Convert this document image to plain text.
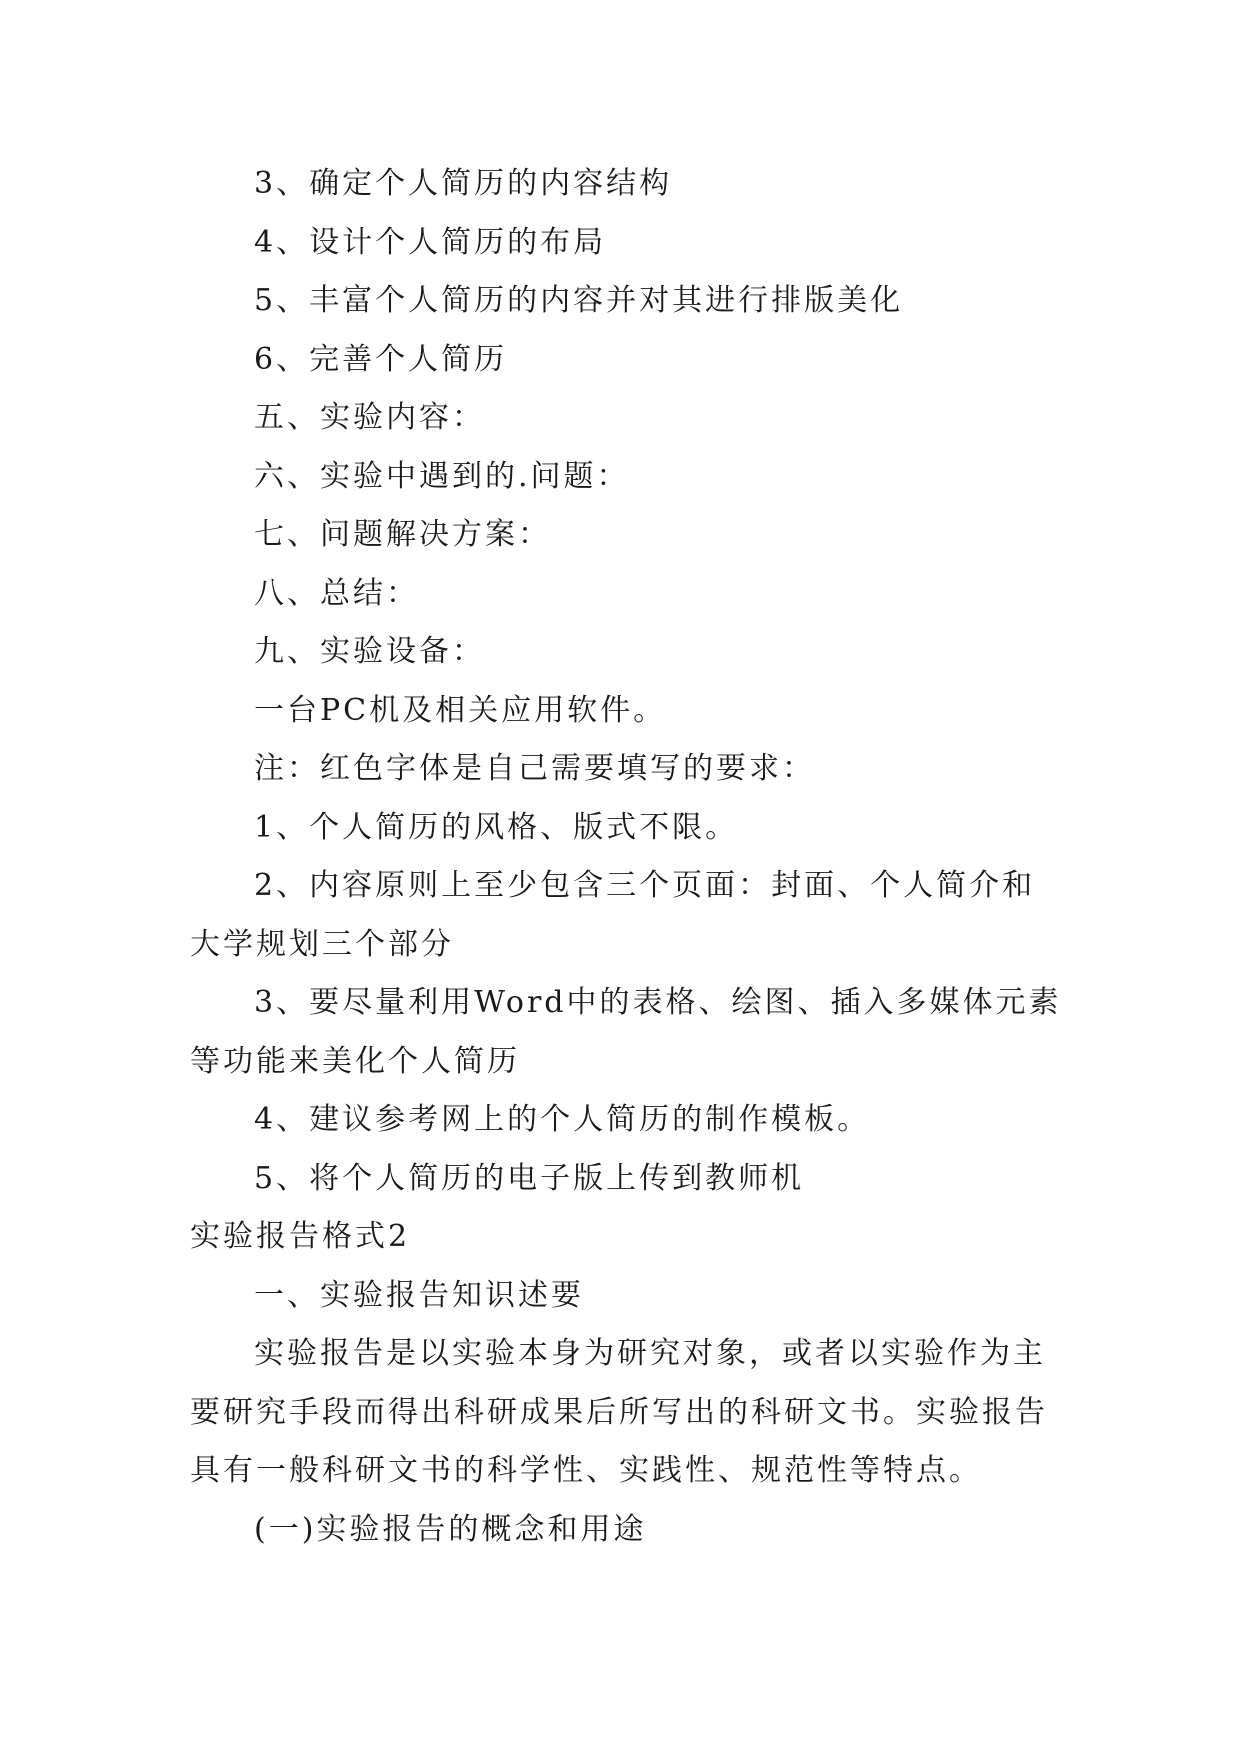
3、确定个人简历的内容结构
4、设计个人简历的布局
5、丰富个人简历的内容并对其进行排版美化
6、完善个人简历
五、实验内容：
六、实验中遇到的.问题：
七、问题解决方案：
八、总结：
九、实验设备：
一台PC机及相关应用软件。
注：红色字体是自己需要填写的要求：
1、个人简历的风格、版式不限。
2、内容原则上至少包含三个页面：封面、个人简介和
大学规划三个部分
3、要尽量利用Word中的表格、绘图、插入多媒体元素
等功能来美化个人简历
4、建议参考网上的个人简历的制作模板。
5、将个人简历的电子版上传到教师机
实验报告格式2
一、实验报告知识述要
实验报告是以实验本身为研究对象，或者以实验作为主
要研究手段而得出科研成果后所写出的科研文书。实验报告
具有一般科研文书的科学性、实践性、规范性等特点。
(一)实验报告的概念和用途
